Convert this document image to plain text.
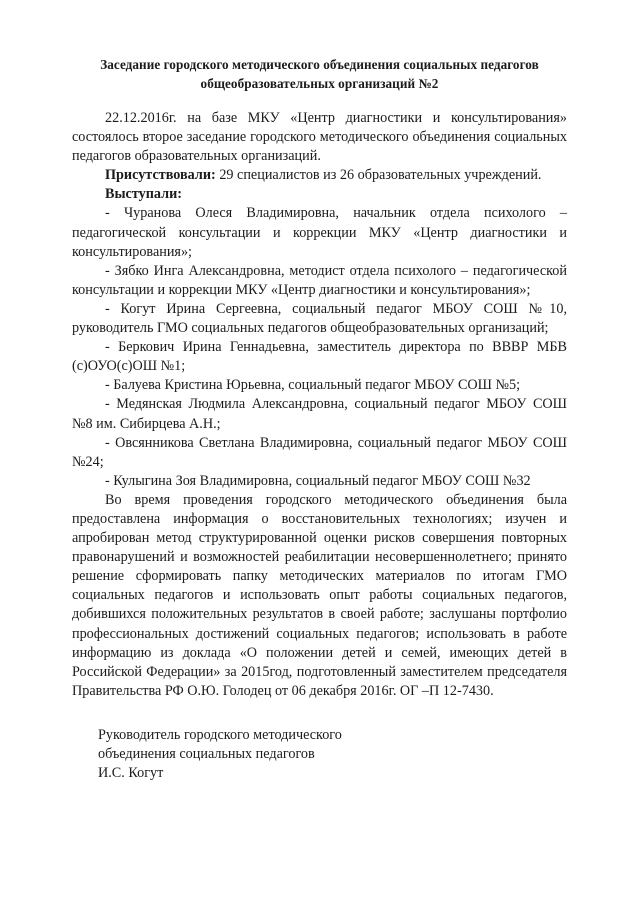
Заседание городского методического объединения социальных педагогов
общеобразовательных организаций №2

22.12.2016г. на базе МКУ «Центр диагностики и консультирования» состоялось второе заседание городского методического объединения социальных педагогов образовательных организаций.

Присутствовали: 29 специалистов из 26 образовательных учреждений.

Выступали:

- Чуранова Олеся Владимировна, начальник отдела психолого – педагогической консультации и коррекции МКУ «Центр диагностики и консультирования»;

- Зябко Инга Александровна, методист отдела психолого – педагогической консультации и коррекции МКУ «Центр диагностики и консультирования»;

- Когут Ирина Сергеевна, социальный педагог МБОУ СОШ №10, руководитель ГМО социальных педагогов общеобразовательных организаций;

- Беркович Ирина Геннадьевна, заместитель директора по ВВВР МБВ (с)ОУО(с)ОШ №1;

- Балуева Кристина Юрьевна, социальный педагог МБОУ СОШ №5;

- Медянская Людмила Александровна, социальный педагог МБОУ СОШ №8 им. Сибирцева А.Н.;

- Овсянникова Светлана Владимировна, социальный педагог МБОУ СОШ №24;

- Кулыгина Зоя Владимировна, социальный педагог МБОУ СОШ №32

Во время проведения городского методического объединения была предоставлена информация о восстановительных технологиях; изучен и апробирован метод структурированной оценки рисков совершения повторных правонарушений и возможностей реабилитации несовершеннолетнего; принято решение сформировать папку методических материалов по итогам ГМО социальных педагогов и использовать опыт работы социальных педагогов, добившихся положительных результатов в своей работе; заслушаны портфолио профессиональных достижений социальных педагогов; использовать в работе информацию из доклада «О положении детей и семей, имеющих детей в Российской Федерации» за 2015год, подготовленный заместителем председателя Правительства РФ О.Ю. Голодец от 06 декабря 2016г. ОГ –П 12-7430.

Руководитель городского методического
объединения социальных педагогов
И.С. Когут
